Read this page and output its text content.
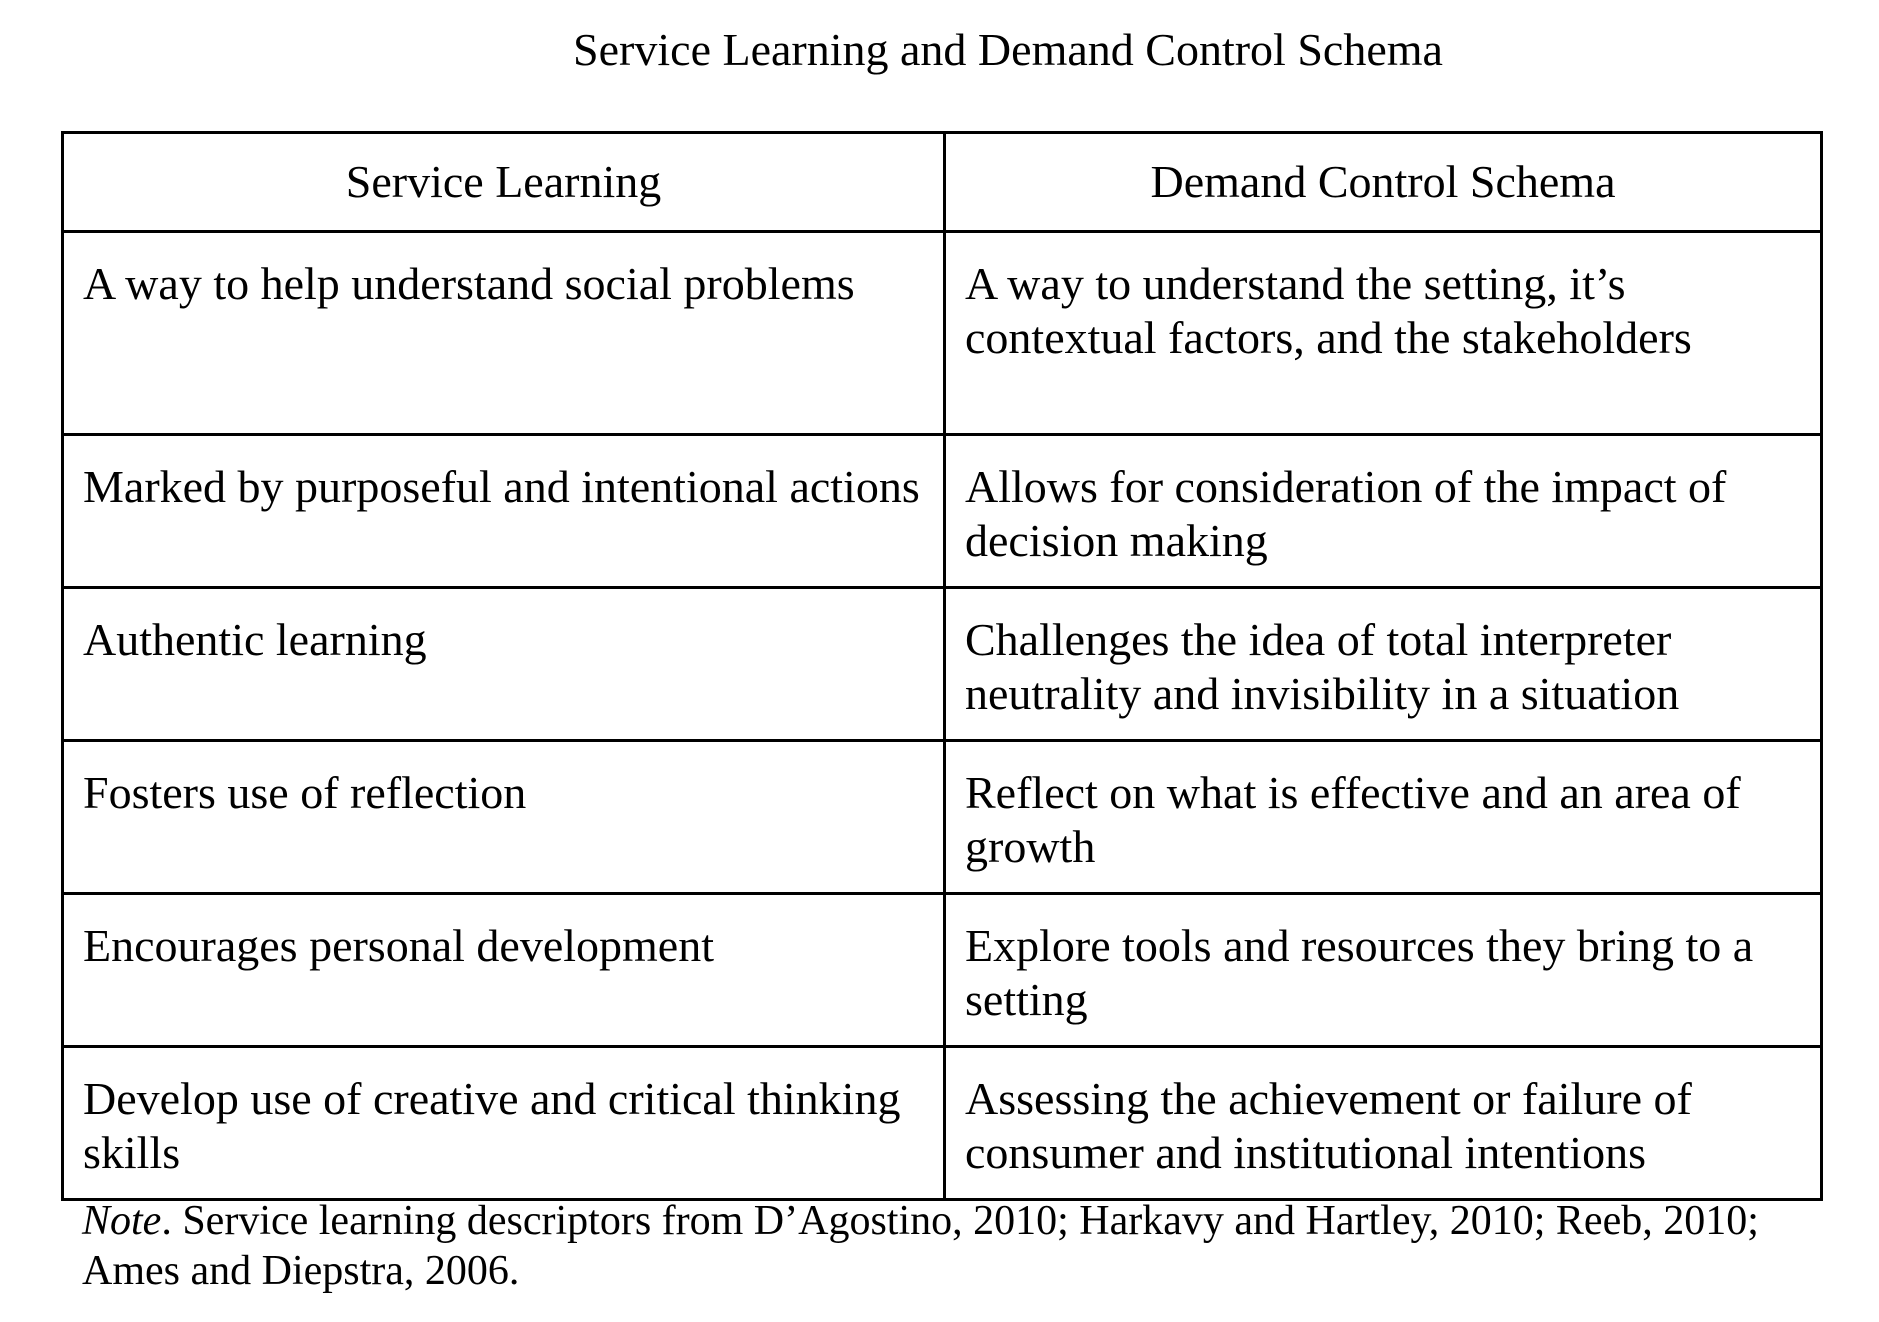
Service Learning and Demand Control Schema
Service Learning	Demand Control Schema
A way to help understand social problems	A way to understand the setting, it’s contextual factors, and the stakeholders
Marked by purposeful and intentional actions	Allows for consideration of the impact of decision making
Authentic learning	Challenges the idea of total interpreter neutrality and invisibility in a situation
Fosters use of reflection	Reflect on what is effective and an area of growth
Encourages personal development	Explore tools and resources they bring to a setting
Develop use of creative and critical thinking skills	Assessing the achievement or failure of consumer and institutional intentions
Note. Service learning descriptors from D’Agostino, 2010; Harkavy and Hartley, 2010; Reeb, 2010; Ames and Diepstra, 2006.
